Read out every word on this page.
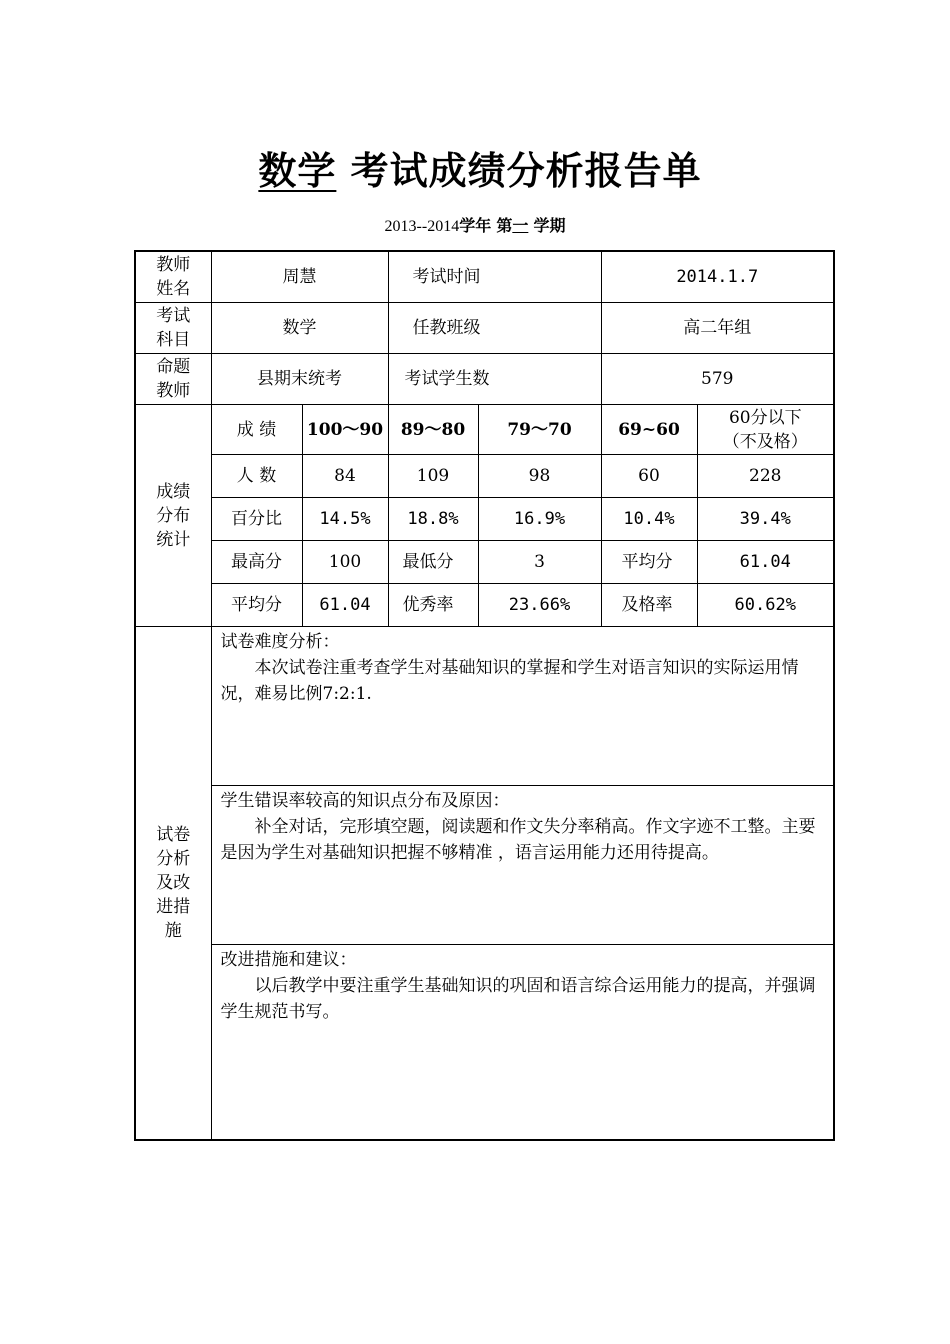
数学 考试成绩分析报告单
2013--2014学年 第一 学期
教师姓名	周慧		考试时间		2014.1.7	
考试科目	数学		任教班级		高二年组	
命题教师	县期末统考		考试学生数		579	
成绩分布统计	成 绩	100～90	89～80	79～70	69~60	60分以下
（不及格）

	人 数	84	109	98	60	228
	百分比	14.5%	18.8%	16.9%	10.4%	39.4%
	最高分	100	最低分	3	平均分	61.04
	平均分	61.04	优秀率	23.66%	及格率	60.62%
试卷分析及改进措施	试卷难度分析：
本次试卷注重考查学生对基础知识的掌握和学生对语言知识的实际运用情况，难易比例7:2:1.					

	学生错误率较高的知识点分布及原因：
补全对话，完形填空题，阅读题和作文失分率稍高。作文字迹不工整。主要是因为学生对基础知识把握不够精准 ，语言运用能力还用待提高。					

	改进措施和建议：
以后教学中要注重学生基础知识的巩固和语言综合运用能力的提高，并强调学生规范书写。					
